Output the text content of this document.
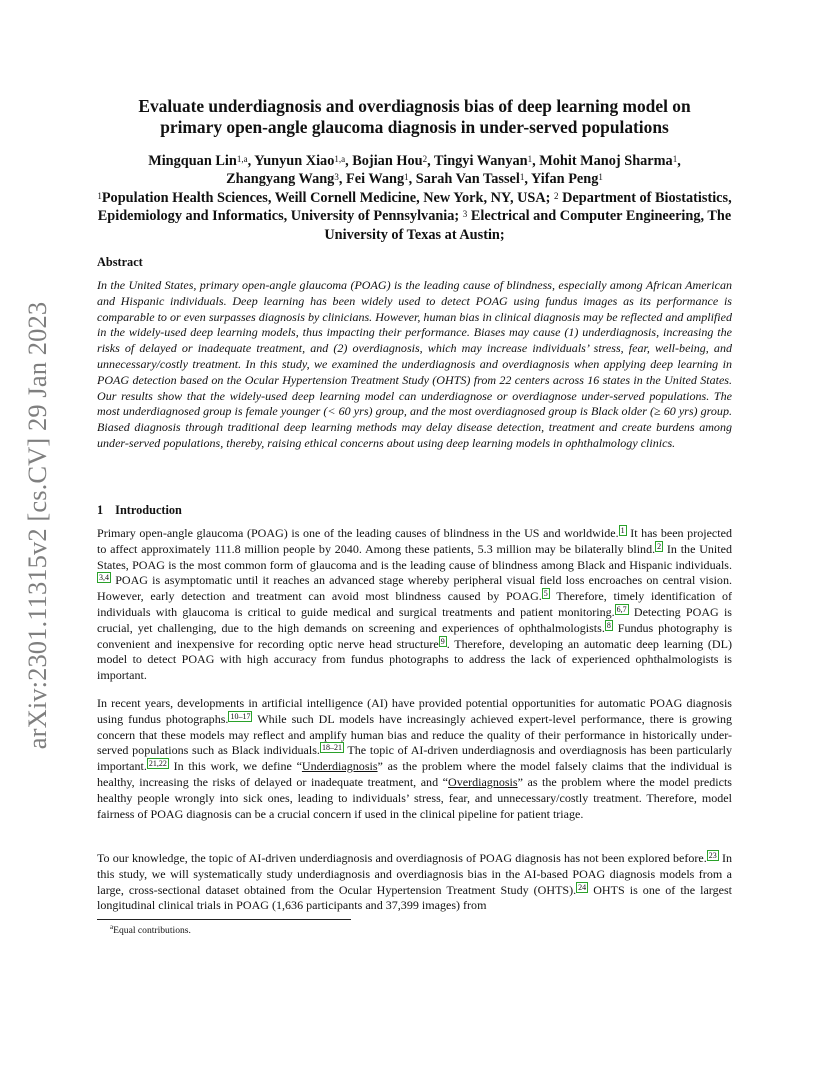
arXiv:2301.11315v2 [cs.CV] 29 Jan 2023
Evaluate underdiagnosis and overdiagnosis bias of deep learning model on
primary open-angle glaucoma diagnosis in under-served populations
Mingquan Lin$^{1,a}$, Yunyun Xiao$^{1,a}$, Bojian Hou$^2$, Tingyi Wanyan$^1$, Mohit Manoj Sharma$^1$,
Zhangyang Wang$^3$, Fei Wang$^1$, Sarah Van Tassel$^1$, Yifan Peng$^1$
$^1$Population Health Sciences, Weill Cornell Medicine, New York, NY, USA; $^2$ Department of Biostatistics, Epidemiology and Informatics, University of Pennsylvania; $^3$ Electrical and Computer Engineering, The University of Texas at Austin;
Abstract

In the United States, primary open-angle glaucoma (POAG) is the leading cause of blindness, especially among African American and Hispanic individuals. Deep learning has been widely used to detect POAG using fundus images as its performance is comparable to or even surpasses diagnosis by clinicians. However, human bias in clinical diagnosis may be reflected and amplified in the widely-used deep learning models, thus impacting their performance. Biases may cause (1) underdiagnosis, increasing the risks of delayed or inadequate treatment, and (2) overdiagnosis, which may increase individuals’ stress, fear, well-being, and unnecessary/costly treatment. In this study, we examined the underdiagnosis and overdiagnosis when applying deep learning in POAG detection based on the Ocular Hypertension Treatment Study (OHTS) from 22 centers across 16 states in the United States. Our results show that the widely-used deep learning model can underdiagnose or overdiagnose under-served populations. The most underdiagnosed group is female younger (< 60 yrs) group, and the most overdiagnosed group is Black older (≥ 60 yrs) group. Biased diagnosis through traditional deep learning methods may delay disease detection, treatment and create burdens among under-served populations, thereby, raising ethical concerns about using deep learning models in ophthalmology clinics.

1 Introduction

Primary open-angle glaucoma (POAG) is one of the leading causes of blindness in the US and worldwide. 1 It has been projected to affect approximately 111.8 million people by 2040. Among these patients, 5.3 million may be bilaterally blind. 2 In the United States, POAG is the most common form of glaucoma and is the leading cause of blindness among Black and Hispanic individuals.3,4 POAG is asymptomatic until it reaches an advanced stage whereby peripheral visual field loss encroaches on central vision. However, early detection and treatment can avoid most blindness caused by POAG. 5 Therefore, timely identification of individuals with glaucoma is critical to guide medical and surgical treatments and patient monitoring. 6,7 Detecting POAG is crucial, yet challenging, due to the high demands on screening and experiences of ophthalmologists. 8 Fundus photography is convenient and inexpensive for recording optic nerve head structure 9 . Therefore, developing an automatic deep learning (DL) model to detect POAG with high accuracy from fundus photographs to address the lack of experienced ophthalmologists is important.

In recent years, developments in artificial intelligence (AI) have provided potential opportunities for automatic POAG diagnosis using fundus photographs. 10–17 While such DL models have increasingly achieved expert-level performance, there is growing concern that these models may reflect and amplify human bias and reduce the quality of their performance in historically under-served populations such as Black individuals. 18–21 The topic of AI-driven underdiagnosis and overdiagnosis has been particularly important. 21,22 In this work, we define “Underdiagnosis” as the problem where the model falsely claims that the individual is healthy, increasing the risks of delayed or inadequate treatment, and “Overdiagnosis” as the problem where the model predicts healthy people wrongly into sick ones, leading to individuals’ stress, fear, and unnecessary/costly treatment. Therefore, model fairness of POAG diagnosis can be a crucial concern if used in the clinical pipeline for patient triage.

To our knowledge, the topic of AI-driven underdiagnosis and overdiagnosis of POAG diagnosis has not been explored before. 23 In this study, we will systematically study underdiagnosis and overdiagnosis bias in the AI-based POAG diagnosis models from a large, cross-sectional dataset obtained from the Ocular Hypertension Treatment Study (OHTS). 24 OHTS is one of the largest longitudinal clinical trials in POAG (1,636 participants and 37,399 images) from

$^a$Equal contributions.
